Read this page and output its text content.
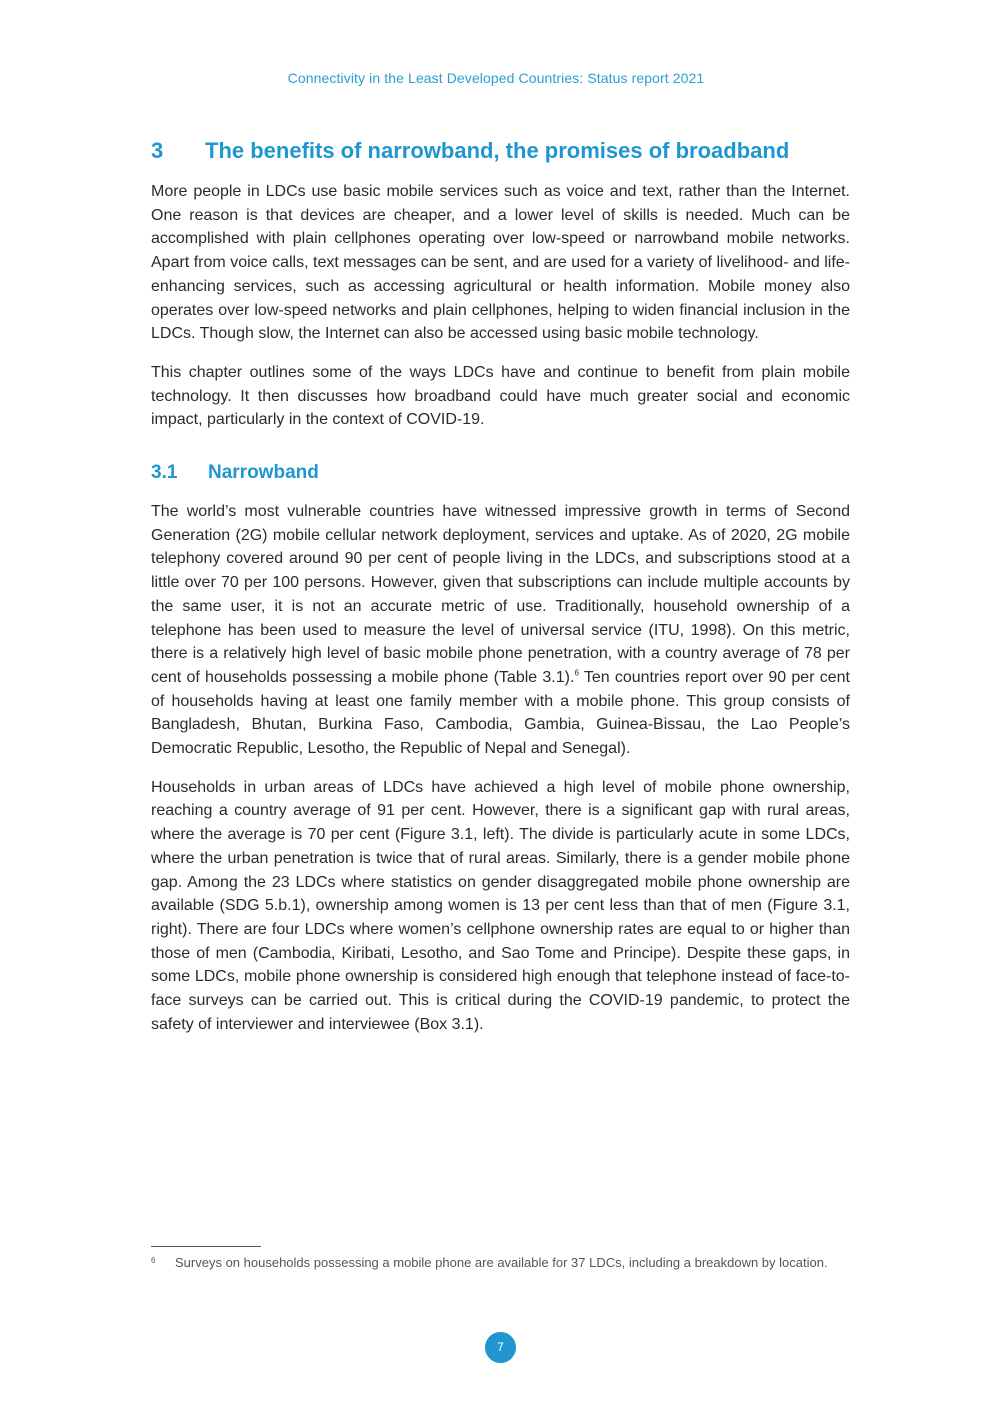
Connectivity in the Least Developed Countries: Status report 2021
3	The benefits of narrowband, the promises of broadband

More people in LDCs use basic mobile services such as voice and text, rather than the Internet. One reason is that devices are cheaper, and a lower level of skills is needed. Much can be accomplished with plain cellphones operating over low-speed or narrowband mobile networks. Apart from voice calls, text messages can be sent, and are used for a variety of livelihood- and life-enhancing services, such as accessing agricultural or health information. Mobile money also operates over low-speed networks and plain cellphones, helping to widen financial inclusion in the LDCs. Though slow, the Internet can also be accessed using basic mobile technology.

This chapter outlines some of the ways LDCs have and continue to benefit from plain mobile technology. It then discusses how broadband could have much greater social and economic impact, particularly in the context of COVID-19.

3.1	Narrowband

The world’s most vulnerable countries have witnessed impressive growth in terms of Second Generation (2G) mobile cellular network deployment, services and uptake. As of 2020, 2G mobile telephony covered around 90 per cent of people living in the LDCs, and subscriptions stood at a little over 70 per 100 persons. However, given that subscriptions can include multiple accounts by the same user, it is not an accurate metric of use. Traditionally, household ownership of a telephone has been used to measure the level of universal service (ITU, 1998). On this metric, there is a relatively high level of basic mobile phone penetration, with a country average of 78 per cent of households possessing a mobile phone (Table 3.1).$^6$ Ten countries report over 90 per cent of households having at least one family member with a mobile phone. This group consists of Bangladesh, Bhutan, Burkina Faso, Cambodia, Gambia, Guinea-Bissau, the Lao People’s Democratic Republic, Lesotho, the Republic of Nepal and Senegal).

Households in urban areas of LDCs have achieved a high level of mobile phone ownership, reaching a country average of 91 per cent. However, there is a significant gap with rural areas, where the average is 70 per cent (Figure 3.1, left). The divide is particularly acute in some LDCs, where the urban penetration is twice that of rural areas. Similarly, there is a gender mobile phone gap. Among the 23 LDCs where statistics on gender disaggregated mobile phone ownership are available (SDG 5.b.1), ownership among women is 13 per cent less than that of men (Figure 3.1, right). There are four LDCs where women’s cellphone ownership rates are equal to or higher than those of men (Cambodia, Kiribati, Lesotho, and Sao Tome and Principe). Despite these gaps, in some LDCs, mobile phone ownership is considered high enough that telephone instead of face-to-face surveys can be carried out. This is critical during the COVID-19 pandemic, to protect the safety of interviewer and interviewee (Box 3.1).

6	Surveys on households possessing a mobile phone are available for 37 LDCs, including a breakdown by location.
7
